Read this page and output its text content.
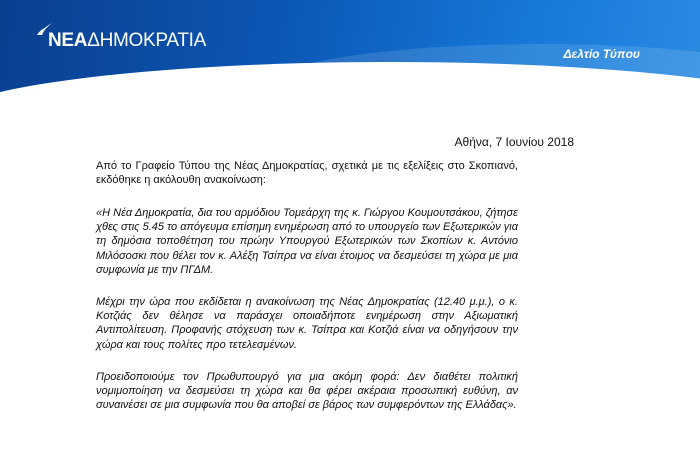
ΝΕΑΔΗΜΟΚΡΑΤΙΑ
Δελτίο Τύπου
Αθήνα, 7 Ιουνίου 2018

Από το Γραφείο Τύπου της Νέας Δημοκρατίας, σχετικά με τις εξελίξεις στο Σκοπιανό, εκδόθηκε η ακόλουθη ανακοίνωση:

«Η Νέα Δημοκρατία, δια του αρμόδιου Τομεάρχη της κ. Γιώργου Κουμουτσάκου, ζήτησε χθες στις 5.45 το απόγευμα επίσημη ενημέρωση από το υπουργείο των Εξωτερικών για τη δημόσια τοποθέτηση του πρώην Υπουργού Εξωτερικών των Σκοπίων κ. Αντόνιο Μιλόσοσκι που θέλει τον κ. Αλέξη Τσίπρα να είναι έτοιμος να δεσμεύσει τη χώρα με μια συμφωνία με την ΠΓΔΜ.

Μέχρι την ώρα που εκδίδεται η ανακοίνωση της Νέας Δημοκρατίας (12.40 μ.μ.), ο κ. Κοτζιάς δεν θέλησε να παράσχει οποιαδήποτε ενημέρωση στην Αξιωματική Αντιπολίτευση. Προφανής στόχευση των κ. Τσίπρα και Κοτζιά είναι να οδηγήσουν την χώρα και τους πολίτες προ τετελεσμένων.

Προειδοποιούμε τον Πρωθυπουργό για μια ακόμη φορά: Δεν διαθέτει πολιτική νομιμοποίηση να δεσμεύσει τη χώρα και θα φέρει ακέραια προσωπική ευθύνη, αν συναινέσει σε μια συμφωνία που θα αποβεί σε βάρος των συμφερόντων της Ελλάδας».
